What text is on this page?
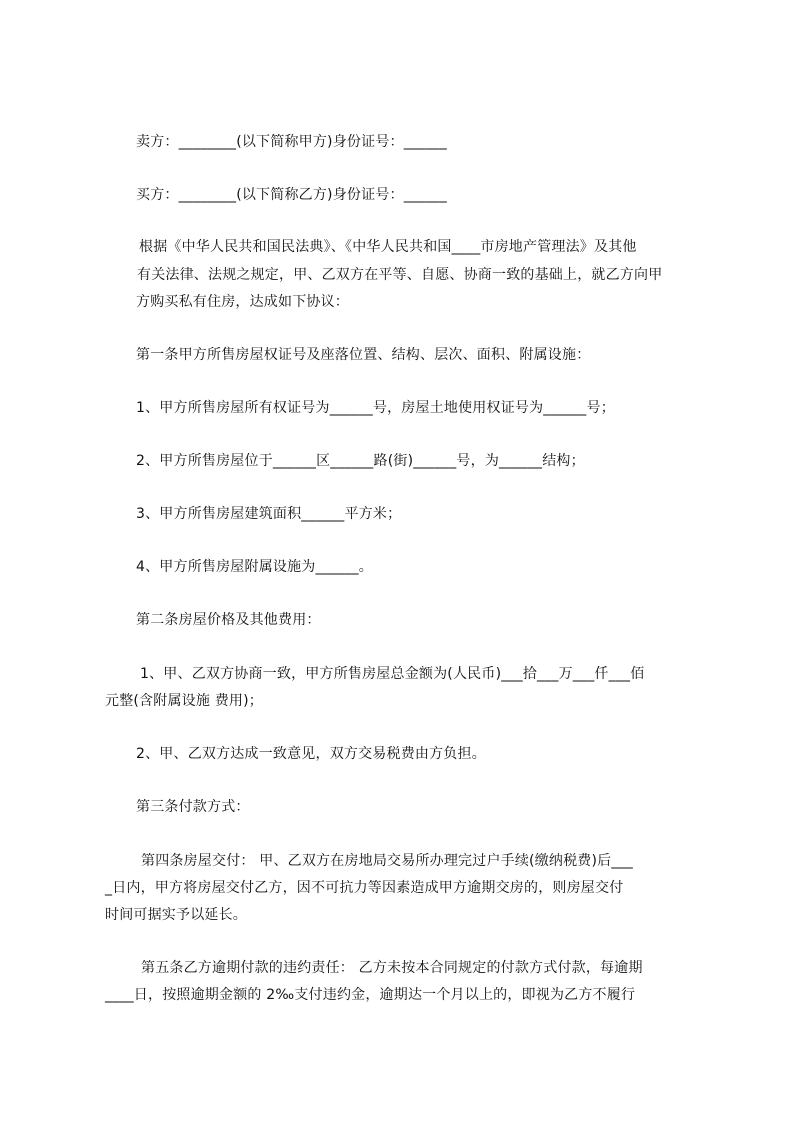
卖方：________(以下简称甲方)身份证号：______
买方：________(以下简称乙方)身份证号：______
根据《中华人民共和国民法典》、《中华人民共和国____市房地产管理法》及其他
有关法律、法规之规定，甲、乙双方在平等、自愿、协商一致的基础上，就乙方向甲
方购买私有住房，达成如下协议：
第一条甲方所售房屋权证号及座落位置、结构、层次、面积、附属设施：
1、甲方所售房屋所有权证号为______号，房屋土地使用权证号为______号；
2、甲方所售房屋位于______区______路(街)______号，为______结构；
3、甲方所售房屋建筑面积______平方米；
4、甲方所售房屋附属设施为______。
第二条房屋价格及其他费用：
1、甲、乙双方协商一致，甲方所售房屋总金额为(人民币)___拾___万___仟___佰
元整(含附属设施 费用)；
2、甲、乙双方达成一致意见，双方交易税费由方负担。
第三条付款方式：
第四条房屋交付： 甲、乙双方在房地局交易所办理完过户手续(缴纳税费)后___
_日内，甲方将房屋交付乙方，因不可抗力等因素造成甲方逾期交房的，则房屋交付
时间可据实予以延长。
第五条乙方逾期付款的违约责任： 乙方未按本合同规定的付款方式付款，每逾期
____日，按照逾期金额的 2‰支付违约金，逾期达一个月以上的，即视为乙方不履行
